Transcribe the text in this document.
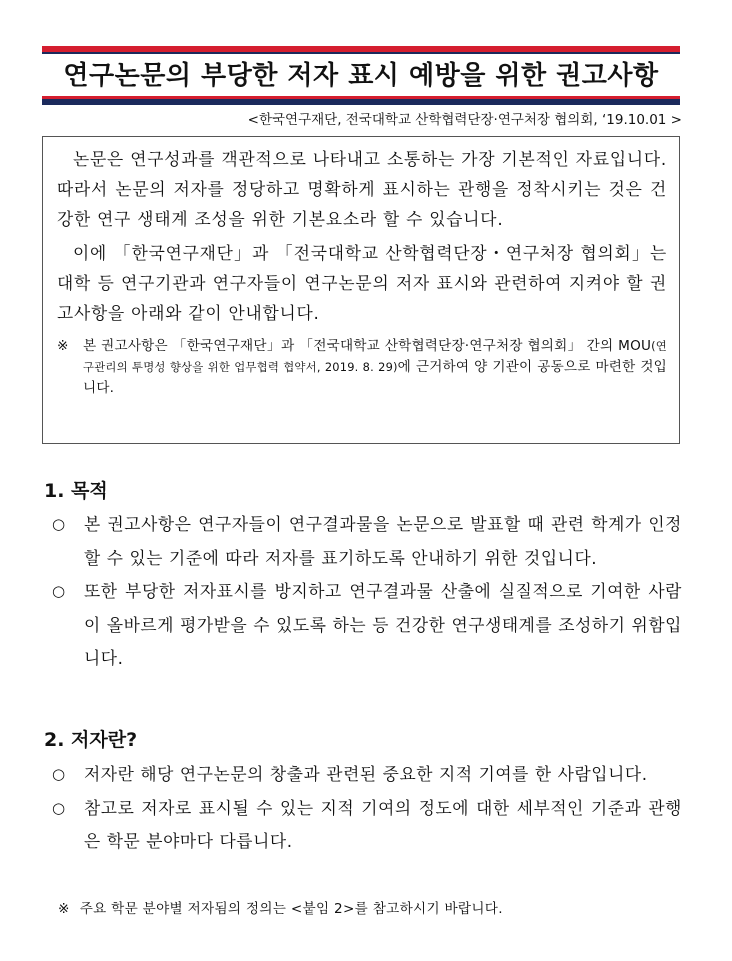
연구논문의 부당한 저자 표시 예방을 위한 권고사항
<한국연구재단, 전국대학교 산학협력단장·연구처장 협의회, ‘19.10.01 >

논문은 연구성과를 객관적으로 나타내고 소통하는 가장 기본적인 자료입니다. 따라서 논문의 저자를 정당하고 명확하게 표시하는 관행을 정착시키는 것은 건강한 연구 생태계 조성을 위한 기본요소라 할 수 있습니다.

이에 「한국연구재단」과 「전국대학교 산학협력단장・연구처장 협의회」는 대학 등 연구기관과 연구자들이 연구논문의 저자 표시와 관련하여 지켜야 할 권고사항을 아래와 같이 안내합니다.

※	본 권고사항은 「한국연구재단」과 「전국대학교 산학협력단장·연구처장 협의회」 간의 MOU(연구관리의 투명성 향상을 위한 업무협력 협약서, 2019. 8. 29)에 근거하여 양 기관이 공동으로 마련한 것입니다.
1. 목적
○	본 권고사항은 연구자들이 연구결과물을 논문으로 발표할 때 관련 학계가 인정할 수 있는 기준에 따라 저자를 표기하도록 안내하기 위한 것입니다.
○	또한 부당한 저자표시를 방지하고 연구결과물 산출에 실질적으로 기여한 사람이 올바르게 평가받을 수 있도록 하는 등 건강한 연구생태계를 조성하기 위함입니다.
2. 저자란?
○	저자란 해당 연구논문의 창출과 관련된 중요한 지적 기여를 한 사람입니다.
○	참고로 저자로 표시될 수 있는 지적 기여의 정도에 대한 세부적인 기준과 관행은 학문 분야마다 다릅니다.
※ 주요 학문 분야별 저자됨의 정의는 <붙임 2>를 참고하시기 바랍니다.
